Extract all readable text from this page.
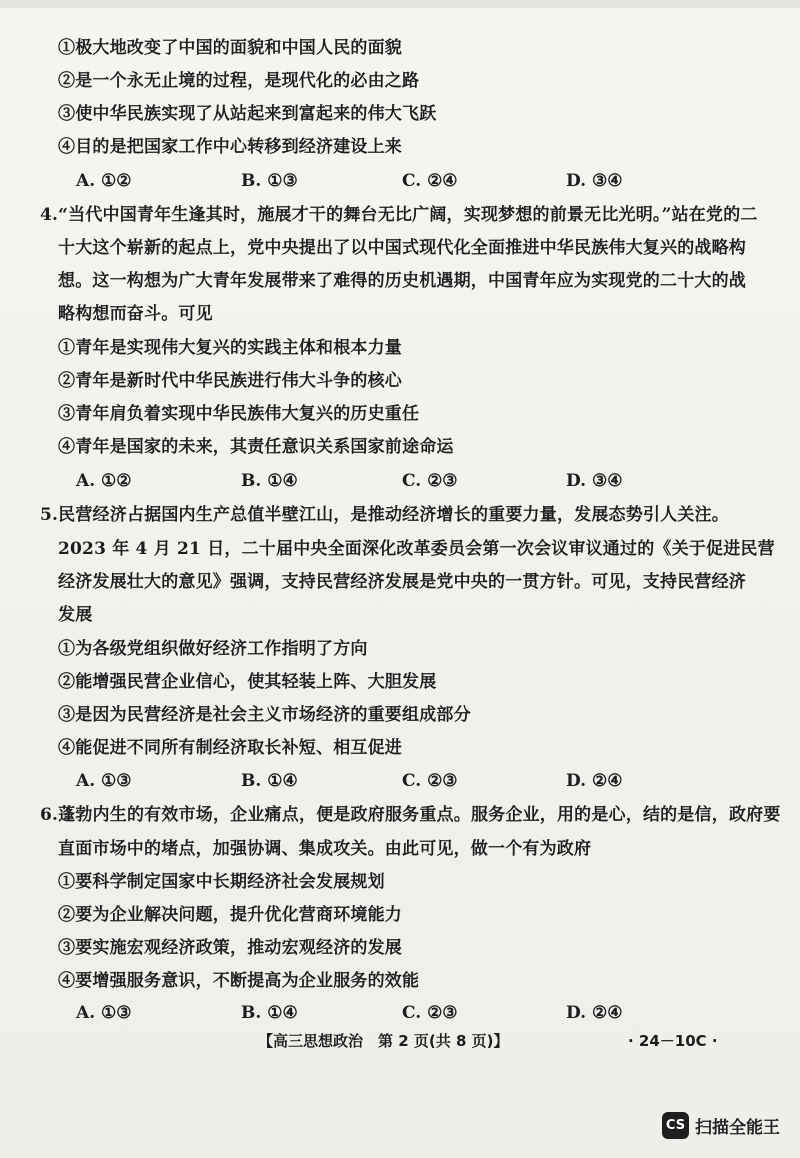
①极大地改变了中国的面貌和中国人民的面貌
②是一个永无止境的过程，是现代化的必由之路
③使中华民族实现了从站起来到富起来的伟大飞跃
④目的是把国家工作中心转移到经济建设上来
A. ①②	B. ①③	C. ②④	D. ③④
4.“当代中国青年生逢其时，施展才干的舞台无比广阔，实现梦想的前景无比光明。”站在党的二
十大这个崭新的起点上，党中央提出了以中国式现代化全面推进中华民族伟大复兴的战略构
想。这一构想为广大青年发展带来了难得的历史机遇期，中国青年应为实现党的二十大的战
略构想而奋斗。可见
①青年是实现伟大复兴的实践主体和根本力量
②青年是新时代中华民族进行伟大斗争的核心
③青年肩负着实现中华民族伟大复兴的历史重任
④青年是国家的未来，其责任意识关系国家前途命运
A. ①②	B. ①④	C. ②③	D. ③④
5.民营经济占据国内生产总值半壁江山，是推动经济增长的重要力量，发展态势引人关注。
2023 年 4 月 21 日，二十届中央全面深化改革委员会第一次会议审议通过的《关于促进民营
经济发展壮大的意见》强调，支持民营经济发展是党中央的一贯方针。可见，支持民营经济
发展
①为各级党组织做好经济工作指明了方向
②能增强民营企业信心，使其轻装上阵、大胆发展
③是因为民营经济是社会主义市场经济的重要组成部分
④能促进不同所有制经济取长补短、相互促进
A. ①③	B. ①④	C. ②③	D. ②④
6.蓬勃内生的有效市场，企业痛点，便是政府服务重点。服务企业，用的是心，结的是信，政府要
直面市场中的堵点，加强协调、集成攻关。由此可见，做一个有为政府
①要科学制定国家中长期经济社会发展规划
②要为企业解决问题，提升优化营商环境能力
③要实施宏观经济政策，推动宏观经济的发展
④要增强服务意识，不断提高为企业服务的效能
A. ①③	B. ①④	C. ②③	D. ②④
【高三思想政治　第 2 页(共 8 页)】	· 24－10C ·
CS 扫描全能王
